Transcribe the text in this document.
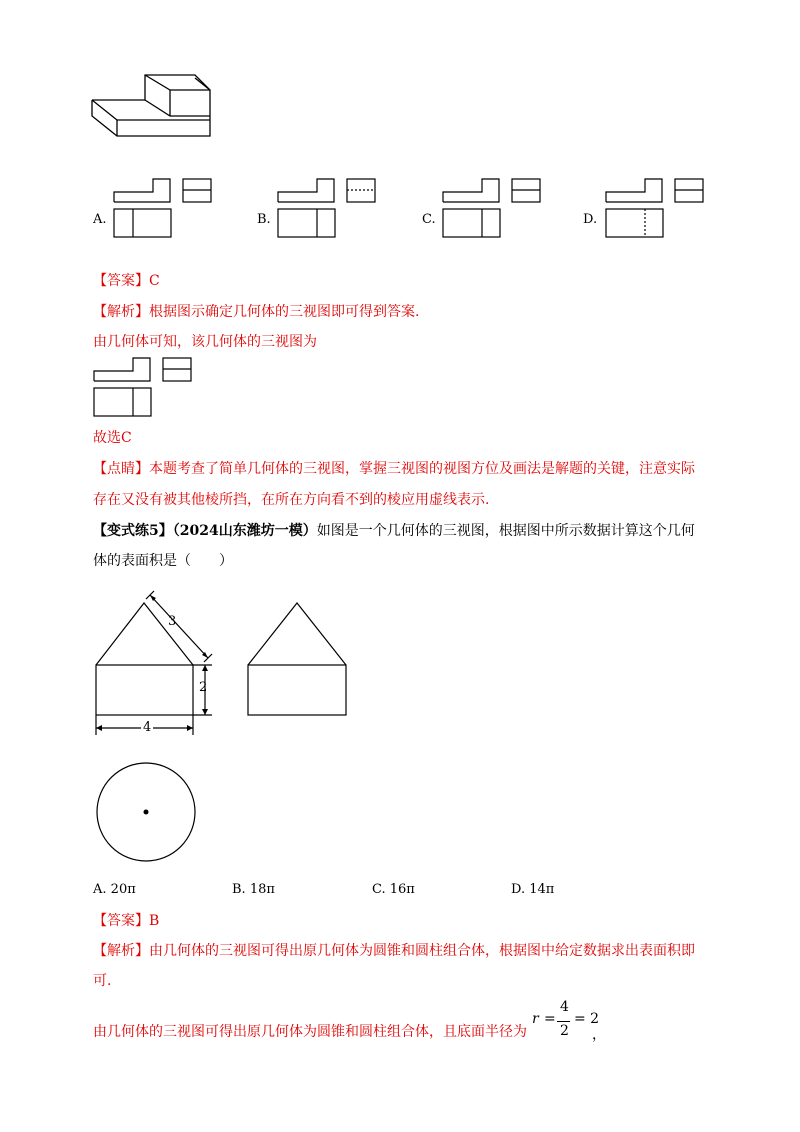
A.	B.	C.	D.
【答案】C
【解析】根据图示确定几何体的三视图即可得到答案.
由几何体可知，该几何体的三视图为
故选C
【点睛】本题考查了简单几何体的三视图，掌握三视图的视图方位及画法是解题的关键，注意实际
存在又没有被其他棱所挡，在所在方向看不到的棱应用虚线表示.
【变式练5】（2024山东潍坊一模）如图是一个几何体的三视图，根据图中所示数据计算这个几何
体的表面积是（　　）
3
2
4
A. 20π	B. 18π	C. 16π	D. 14π
【答案】B
【解析】由几何体的三视图可得出原几何体为圆锥和圆柱组合体，根据图中给定数据求出表面积即
可.
由几何体的三视图可得出原几何体为圆锥和圆柱组合体，且底面半径为
r =
4
2
= 2
，
